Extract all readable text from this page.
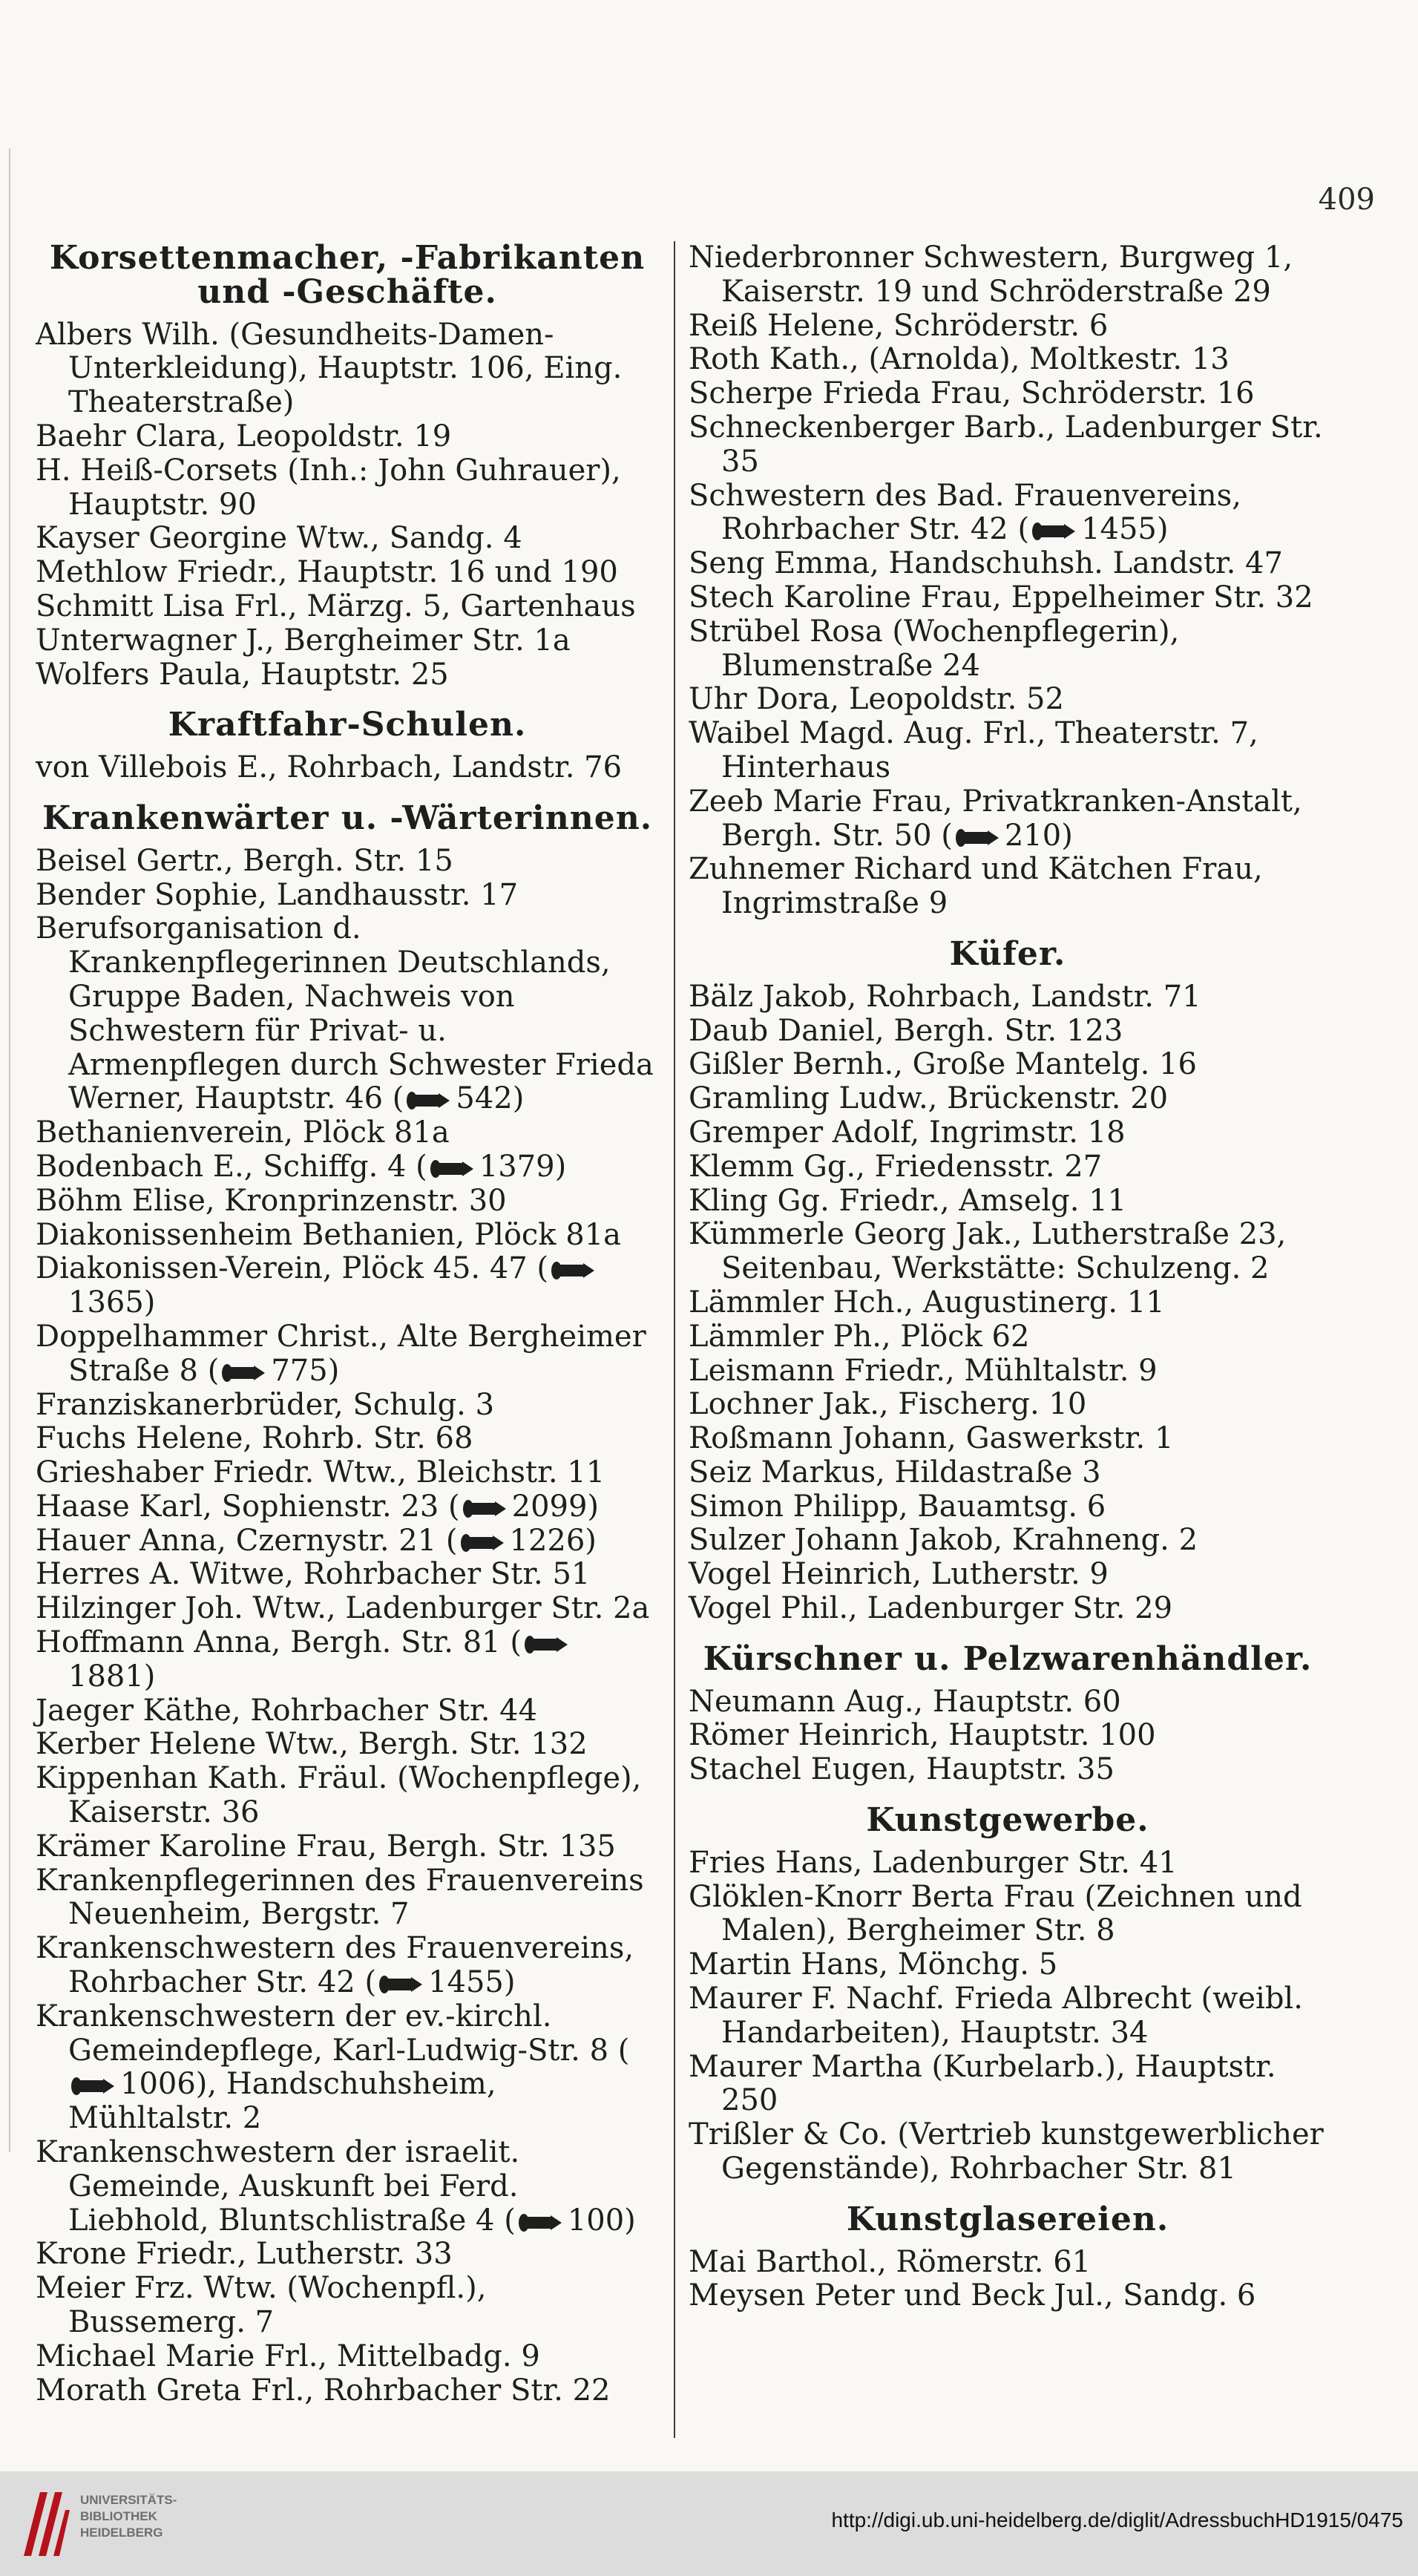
409
Korsettenmacher, -Fabrikanten und -Geschäfte.

Albers Wilh. (Gesundheits-Damen-Unterkleidung), Hauptstr. 106, Eing. Theaterstraße)

Baehr Clara, Leopoldstr. 19

H. Heiß-Corsets (Inh.: John Guhrauer), Hauptstr. 90

Kayser Georgine Wtw., Sandg. 4

Methlow Friedr., Hauptstr. 16 und 190

Schmitt Lisa Frl., Märzg. 5, Gartenhaus

Unterwagner J., Bergheimer Str. 1a

Wolfers Paula, Hauptstr. 25

Kraftfahr-Schulen.

von Villebois E., Rohrbach, Landstr. 76

Krankenwärter u. -Wärterinnen.

Beisel Gertr., Bergh. Str. 15

Bender Sophie, Landhausstr. 17

Berufsorganisation d. Krankenpflegerinnen Deutschlands, Gruppe Baden, Nachweis von Schwestern für Privat- u. Armenpflegen durch Schwester Frieda Werner, Hauptstr. 46 ( 542)

Bethanienverein, Plöck 81a

Bodenbach E., Schiffg. 4 ( 1379)

Böhm Elise, Kronprinzenstr. 30

Diakonissenheim Bethanien, Plöck 81a

Diakonissen-Verein, Plöck 45. 47 (1365)

Doppelhammer Christ., Alte Bergheimer Straße 8 ( 775)

Franziskanerbrüder, Schulg. 3

Fuchs Helene, Rohrb. Str. 68

Grieshaber Friedr. Wtw., Bleichstr. 11

Haase Karl, Sophienstr. 23 ( 2099)

Hauer Anna, Czernystr. 21 ( 1226)

Herres A. Witwe, Rohrbacher Str. 51

Hilzinger Joh. Wtw., Ladenburger Str. 2a

Hoffmann Anna, Bergh. Str. 81 (1881)

Jaeger Käthe, Rohrbacher Str. 44

Kerber Helene Wtw., Bergh. Str. 132

Kippenhan Kath. Fräul. (Wochenpflege), Kaiserstr. 36

Krämer Karoline Frau, Bergh. Str. 135

Krankenpflegerinnen des Frauenvereins Neuenheim, Bergstr. 7

Krankenschwestern des Frauenvereins, Rohrbacher Str. 42 ( 1455)

Krankenschwestern der ev.-kirchl. Gemeindepflege, Karl-Ludwig-Str. 8 (1006), Handschuhsheim, Mühltalstr. 2

Krankenschwestern der israelit. Gemeinde, Auskunft bei Ferd. Liebhold, Bluntschlistraße 4 ( 100)

Krone Friedr., Lutherstr. 33

Meier Frz. Wtw. (Wochenpfl.), Bussemerg. 7

Michael Marie Frl., Mittelbadg. 9

Morath Greta Frl., Rohrbacher Str. 22

Niederbronner Schwestern, Burgweg 1, Kaiserstr. 19 und Schröderstraße 29

Reiß Helene, Schröderstr. 6

Roth Kath., (Arnolda), Moltkestr. 13

Scherpe Frieda Frau, Schröderstr. 16

Schneckenberger Barb., Ladenburger Str. 35

Schwestern des Bad. Frauenvereins, Rohrbacher Str. 42 ( 1455)

Seng Emma, Handschuhsh. Landstr. 47

Stech Karoline Frau, Eppelheimer Str. 32

Strübel Rosa (Wochenpflegerin), Blumenstraße 24

Uhr Dora, Leopoldstr. 52

Waibel Magd. Aug. Frl., Theaterstr. 7, Hinterhaus

Zeeb Marie Frau, Privatkranken-Anstalt, Bergh. Str. 50 ( 210)

Zuhnemer Richard und Kätchen Frau, Ingrimstraße 9

Küfer.

Bälz Jakob, Rohrbach, Landstr. 71

Daub Daniel, Bergh. Str. 123

Gißler Bernh., Große Mantelg. 16

Gramling Ludw., Brückenstr. 20

Gremper Adolf, Ingrimstr. 18

Klemm Gg., Friedensstr. 27

Kling Gg. Friedr., Amselg. 11

Kümmerle Georg Jak., Lutherstraße 23, Seitenbau, Werkstätte: Schulzeng. 2

Lämmler Hch., Augustinerg. 11

Lämmler Ph., Plöck 62

Leismann Friedr., Mühltalstr. 9

Lochner Jak., Fischerg. 10

Roßmann Johann, Gaswerkstr. 1

Seiz Markus, Hildastraße 3

Simon Philipp, Bauamtsg. 6

Sulzer Johann Jakob, Krahneng. 2

Vogel Heinrich, Lutherstr. 9

Vogel Phil., Ladenburger Str. 29

Kürschner u. Pelzwarenhändler.

Neumann Aug., Hauptstr. 60

Römer Heinrich, Hauptstr. 100

Stachel Eugen, Hauptstr. 35

Kunstgewerbe.

Fries Hans, Ladenburger Str. 41

Glöklen-Knorr Berta Frau (Zeichnen und Malen), Bergheimer Str. 8

Martin Hans, Mönchg. 5

Maurer F. Nachf. Frieda Albrecht (weibl. Handarbeiten), Hauptstr. 34

Maurer Martha (Kurbelarb.), Hauptstr. 250

Trißler & Co. (Vertrieb kunstgewerblicher Gegenstände), Rohrbacher Str. 81

Kunstglasereien.

Mai Barthol., Römerstr. 61

Meysen Peter und Beck Jul., Sandg. 6

UNIVERSITÄTS- BIBLIOTHEK HEIDELBERG
http://digi.ub.uni-heidelberg.de/diglit/AdressbuchHD1915/0475
